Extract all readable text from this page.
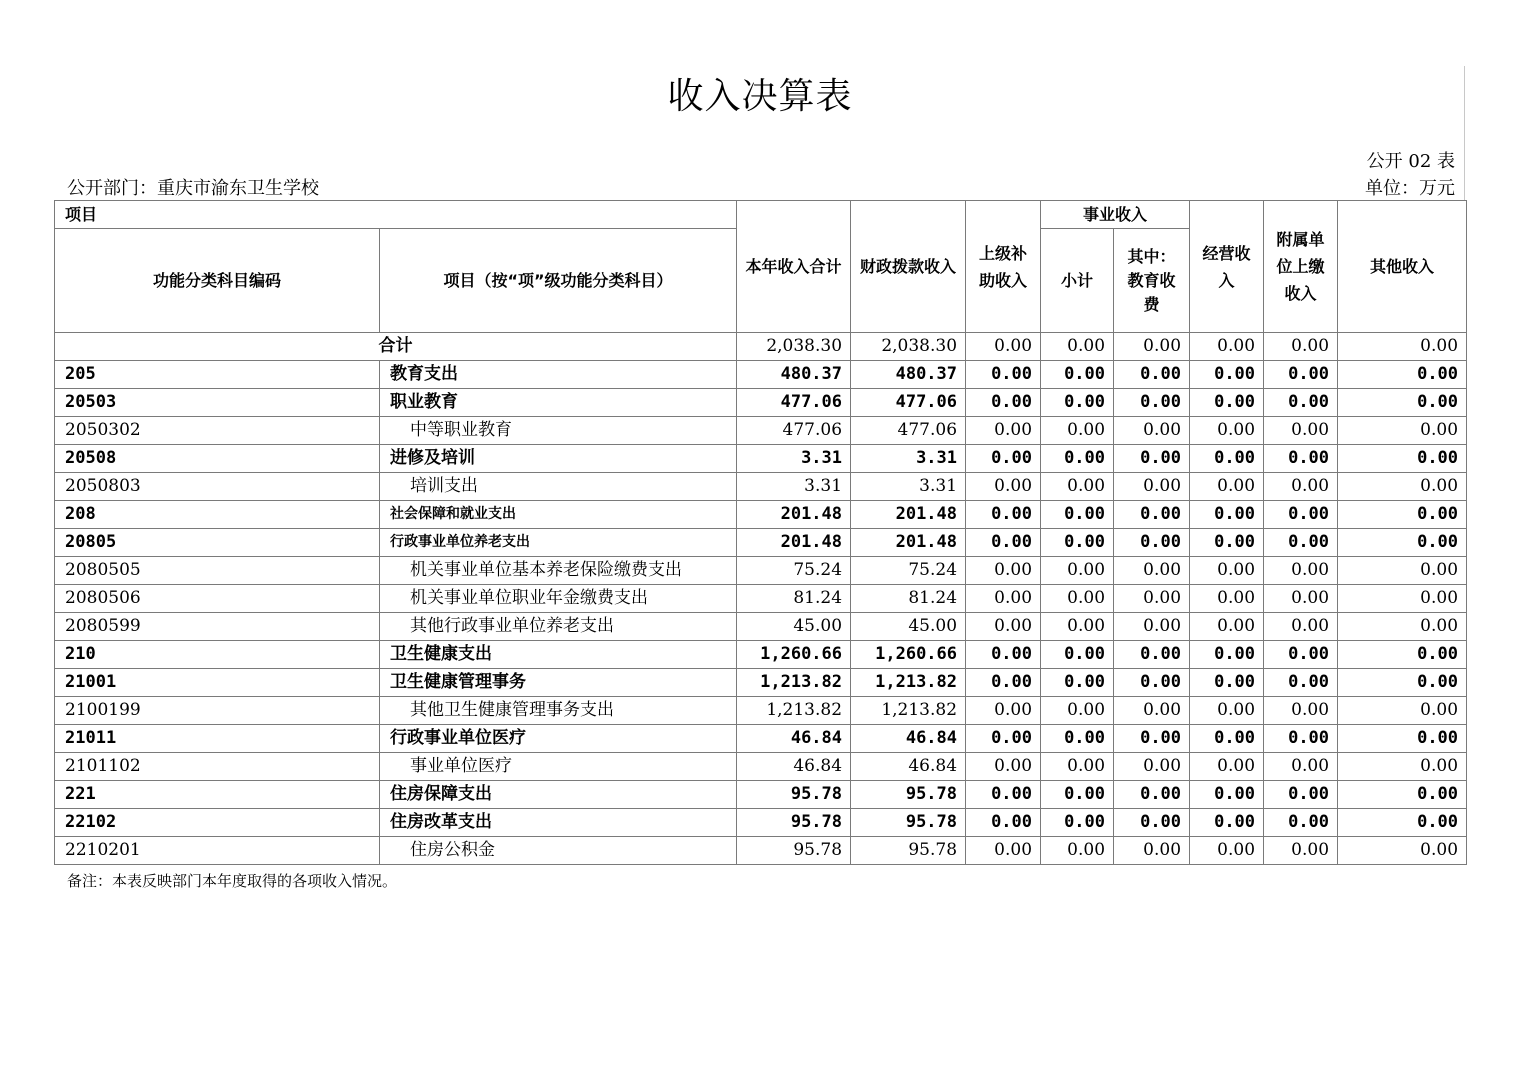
收入决算表
公开 02 表
公开部门：重庆市渝东卫生学校	单位：万元
项目		本年收入合计	财政拨款收入	上级补助收入	事业收入		经营收入	附属单位上缴收入	其他收入
功能分类科目编码	项目（按“项”级功能分类科目）				小计	其中：教育收费			
合计		2,038.30	2,038.30	0.00	0.00	0.00	0.00	0.00	0.00
205	教育支出	480.37	480.37	0.00	0.00	0.00	0.00	0.00	0.00
20503	职业教育	477.06	477.06	0.00	0.00	0.00	0.00	0.00	0.00
2050302	中等职业教育	477.06	477.06	0.00	0.00	0.00	0.00	0.00	0.00
20508	进修及培训	3.31	3.31	0.00	0.00	0.00	0.00	0.00	0.00
2050803	培训支出	3.31	3.31	0.00	0.00	0.00	0.00	0.00	0.00
208	社会保障和就业支出	201.48	201.48	0.00	0.00	0.00	0.00	0.00	0.00
20805	行政事业单位养老支出	201.48	201.48	0.00	0.00	0.00	0.00	0.00	0.00
2080505	机关事业单位基本养老保险缴费支出	75.24	75.24	0.00	0.00	0.00	0.00	0.00	0.00
2080506	机关事业单位职业年金缴费支出	81.24	81.24	0.00	0.00	0.00	0.00	0.00	0.00
2080599	其他行政事业单位养老支出	45.00	45.00	0.00	0.00	0.00	0.00	0.00	0.00
210	卫生健康支出	1,260.66	1,260.66	0.00	0.00	0.00	0.00	0.00	0.00
21001	卫生健康管理事务	1,213.82	1,213.82	0.00	0.00	0.00	0.00	0.00	0.00
2100199	其他卫生健康管理事务支出	1,213.82	1,213.82	0.00	0.00	0.00	0.00	0.00	0.00
21011	行政事业单位医疗	46.84	46.84	0.00	0.00	0.00	0.00	0.00	0.00
2101102	事业单位医疗	46.84	46.84	0.00	0.00	0.00	0.00	0.00	0.00
221	住房保障支出	95.78	95.78	0.00	0.00	0.00	0.00	0.00	0.00
22102	住房改革支出	95.78	95.78	0.00	0.00	0.00	0.00	0.00	0.00
2210201	住房公积金	95.78	95.78	0.00	0.00	0.00	0.00	0.00	0.00
备注：本表反映部门本年度取得的各项收入情况。
